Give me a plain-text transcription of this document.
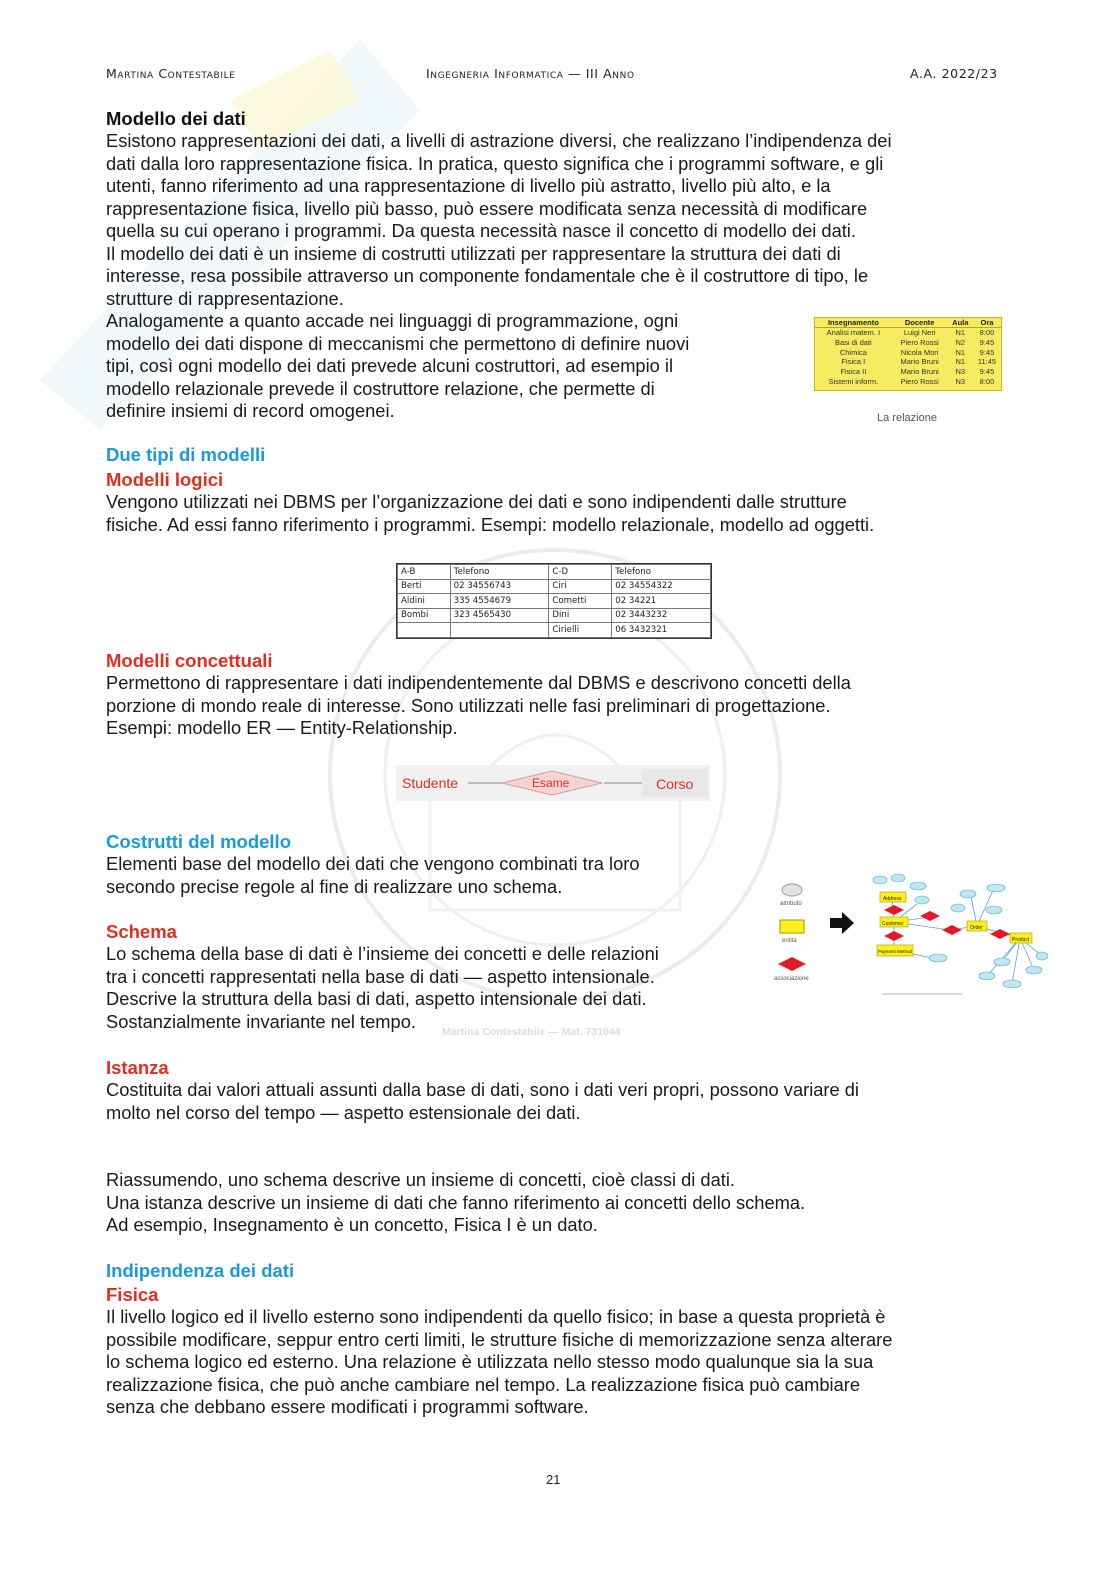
Martina Contestabile	Ingegneria Informatica — III Anno	A.A. 2022/23
Modello dei dati
Esistono rappresentazioni dei dati, a livelli di astrazione diversi, che realizzano l’indipendenza dei
dati dalla loro rappresentazione fisica. In pratica, questo significa che i programmi software, e gli
utenti, fanno riferimento ad una rappresentazione di livello più astratto, livello più alto, e la
rappresentazione fisica, livello più basso, può essere modificata senza necessità di modificare
quella su cui operano i programmi. Da questa necessità nasce il concetto di modello dei dati.
Il modello dei dati è un insieme di costrutti utilizzati per rappresentare la struttura dei dati di
interesse, resa possibile attraverso un componente fondamentale che è il costruttore di tipo, le
strutture di rappresentazione.
Analogamente a quanto accade nei linguaggi di programmazione, ogni
modello dei dati dispone di meccanismi che permettono di definire nuovi
tipi, così ogni modello dei dati prevede alcuni costruttori, ad esempio il
modello relazionale prevede il costruttore relazione, che permette di
definire insiemi di record omogenei.
Insegnamento	Docente	Aula	Ora
Analisi matem. I	Luigi Neri	N1	8:00
Basi di dati	Piero Rossi	N2	9:45
Chimica	Nicola Mori	N1	9:45
Fisica I	Mario Bruni	N1	11:45
Fisica II	Mario Bruni	N3	9:45
Sistemi inform.	Piero Rossi	N3	8:00
La relazione
Due tipi di modelli
Modelli logici
Vengono utilizzati nei DBMS per l’organizzazione dei dati e sono indipendenti dalle strutture
fisiche. Ad essi fanno riferimento i programmi. Esempi: modello relazionale, modello ad oggetti.
A-B	Telefono	C-D	Telefono
Berti	02 34556743	Ciri	02 34554322
Aldini	335 4554679	Cometti	02 34221
Bombi	323 4565430	Dini	02 3443232
		Cirielli	06 3432321
Modelli concettuali
Permettono di rappresentare i dati indipendentemente dal DBMS e descrivono concetti della
porzione di mondo reale di interesse. Sono utilizzati nelle fasi preliminari di progettazione.
Esempi: modello ER — Entity-Relationship.
Studente	Esame	Corso
Costrutti del modello
Elementi base del modello dei dati che vengono combinati tra loro
secondo precise regole al fine di realizzare uno schema.
Schema
Lo schema della base di dati è l’insieme dei concetti e delle relazioni
tra i concetti rappresentati nella base di dati — aspetto intensionale.
Descrive la struttura della basi di dati, aspetto intensionale dei dati.
Sostanzialmente invariante nel tempo.
attributo
entità
associazione
Address
Customer
Order
Product
Payment Method
Martina Contestabile — Mat. 731044
Istanza
Costituita dai valori attuali assunti dalla base di dati, sono i dati veri propri, possono variare di
molto nel corso del tempo — aspetto estensionale dei dati.
Riassumendo, uno schema descrive un insieme di concetti, cioè classi di dati.
Una istanza descrive un insieme di dati che fanno riferimento ai concetti dello schema.
Ad esempio, Insegnamento è un concetto, Fisica I è un dato.
Indipendenza dei dati
Fisica
Il livello logico ed il livello esterno sono indipendenti da quello fisico; in base a questa proprietà è
possibile modificare, seppur entro certi limiti, le strutture fisiche di memorizzazione senza alterare
lo schema logico ed esterno. Una relazione è utilizzata nello stesso modo qualunque sia la sua
realizzazione fisica, che può anche cambiare nel tempo. La realizzazione fisica può cambiare
senza che debbano essere modificati i programmi software.
21
